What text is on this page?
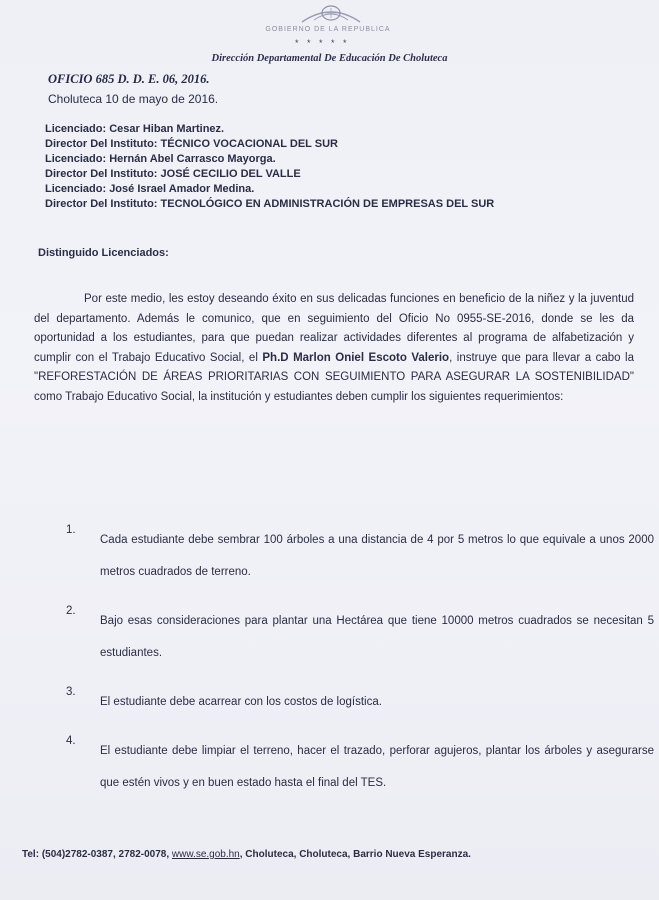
GOBIERNO DE LA REPUBLICA
* * * * *
Dirección Departamental De Educación De Choluteca
OFICIO 685 D. D. E. 06, 2016.
Choluteca 10 de mayo de 2016.
Licenciado: Cesar Hiban Martinez.
Director Del Instituto: TÉCNICO VOCACIONAL DEL SUR
Licenciado: Hernán Abel Carrasco Mayorga.
Director Del Instituto: JOSÉ CECILIO DEL VALLE
Licenciado: José Israel Amador Medina.
Director Del Instituto: TECNOLÓGICO EN ADMINISTRACIÓN DE EMPRESAS DEL SUR
Distinguido Licenciados:

Por este medio, les estoy deseando éxito en sus delicadas funciones en beneficio de la niñez y la juventud del departamento. Además le comunico, que en seguimiento del Oficio No 0955-SE-2016, donde se les da oportunidad a los estudiantes, para que puedan realizar actividades diferentes al programa de alfabetización y cumplir con el Trabajo Educativo Social, el Ph.D Marlon Oniel Escoto Valerio, instruye que para llevar a cabo la "REFORESTACIÓN DE ÁREAS PRIORITARIAS CON SEGUIMIENTO PARA ASEGURAR LA SOSTENIBILIDAD" como Trabajo Educativo Social, la institución y estudiantes deben cumplir los siguientes requerimientos:

1.
Cada estudiante debe sembrar 100 árboles a una distancia de 4 por 5 metros lo que equivale a unos 2000 metros cuadrados de terreno.
2.
Bajo esas consideraciones para plantar una Hectárea que tiene 10000 metros cuadrados se necesitan 5 estudiantes.
3.
El estudiante debe acarrear con los costos de logística.
4.
El estudiante debe limpiar el terreno, hacer el trazado, perforar agujeros, plantar los árboles y asegurarse que estén vivos y en buen estado hasta el final del TES.
Tel: (504)2782-0387, 2782-0078, www.se.gob.hn, Choluteca, Choluteca, Barrio Nueva Esperanza.
